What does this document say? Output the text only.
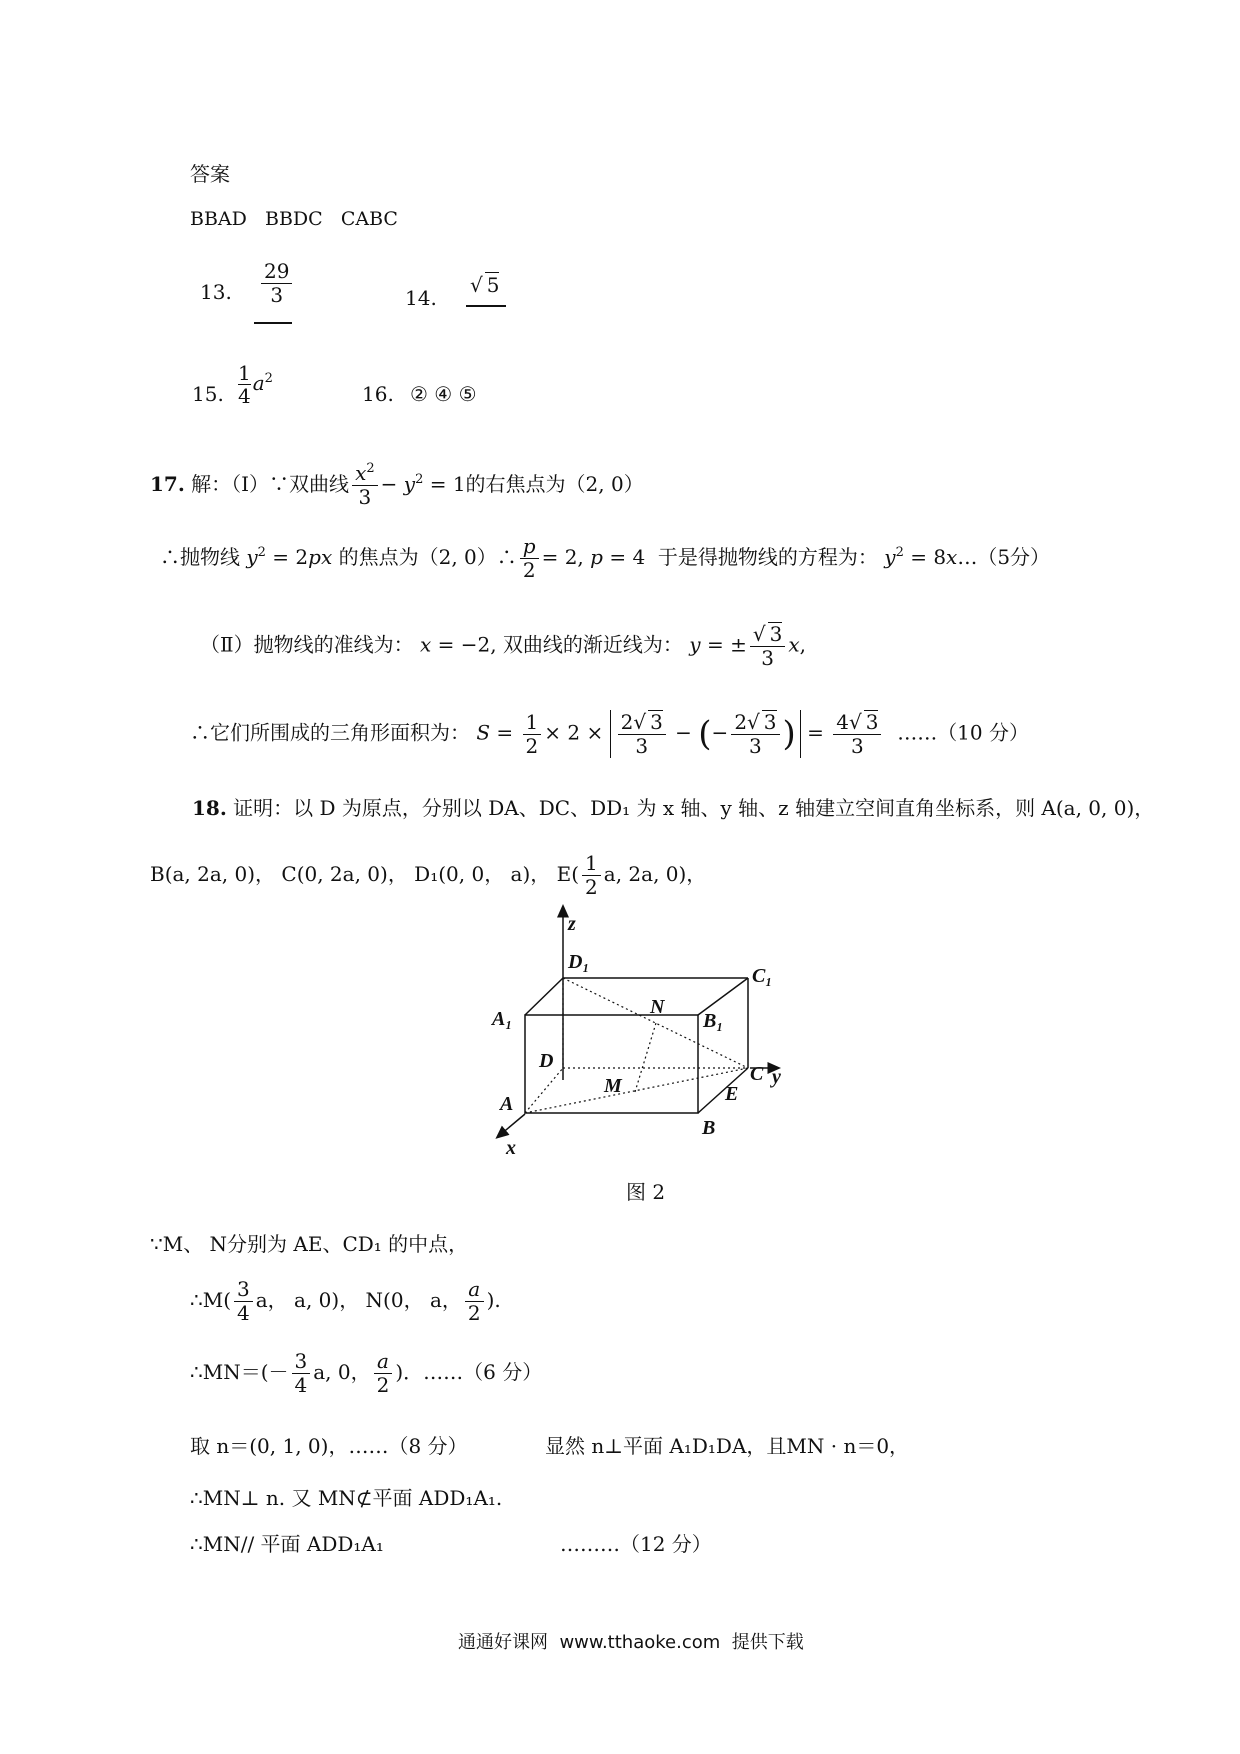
答案
BBAD   BBDC   CABC
13. $\frac{29}{3}$	14.
√ 5
15. $\frac{1}{4} a^2$
16. ② ④ ⑤
17. 解：（Ⅰ）∵双曲线 $\frac{x^2}{3} - y^2 = 1$的右焦点为（2, 0）
∴抛物线 $y^2 = 2px$ 的焦点为（2, 0）∴ $\frac{p}{2} = 2$, p = 4  于是得抛物线的方程为： $y^2$ = 8x…（5分）
（Ⅱ）抛物线的准线为： x = −2, 双曲线的渐近线为： y = ± $\frac{√ 3}{3} x$,
∴它们所围成的三角形面积为： $S = \frac{1}{2} \times 2 \times \frac{2√ 3}{3}$ − (− $\frac{2√ 3}{3}$ ) = $\frac{4√ 3}{3}$ ……（10 分）
18. 证明：以 D 为原点，分别以 DA、DC、DD₁ 为 x 轴、y 轴、z 轴建立空间直角坐标系，则 A(a, 0, 0)，
B(a, 2a, 0)， C(0, 2a, 0)， D₁(0, 0， a)， $E( \frac{1}{2} a$, 2a, 0)，
z
y
x
D₁
C₁
A₁	B₁
N
D
C
M
A	E
B
图 2
∵M、 N分别为 AE、CD₁ 的中点，
∴M( $\frac{3}{4}$ a， a, 0)， N(0， a， $\frac{a}{2}$ ).
∴MN＝(－ $\frac{3}{4} a$, 0， $\frac{a}{2}$ )．……（6 分）
取 n＝(0, 1, 0)，……（8 分）	显然 n⊥平面 A₁D₁DA，且MN · n＝0，
∴MN⊥ n. 又 MN⊄平面 ADD₁A₁.
∴MN// 平面 ADD₁A₁	………（12 分）
通通好课网  www.tthaoke.com  提供下载
